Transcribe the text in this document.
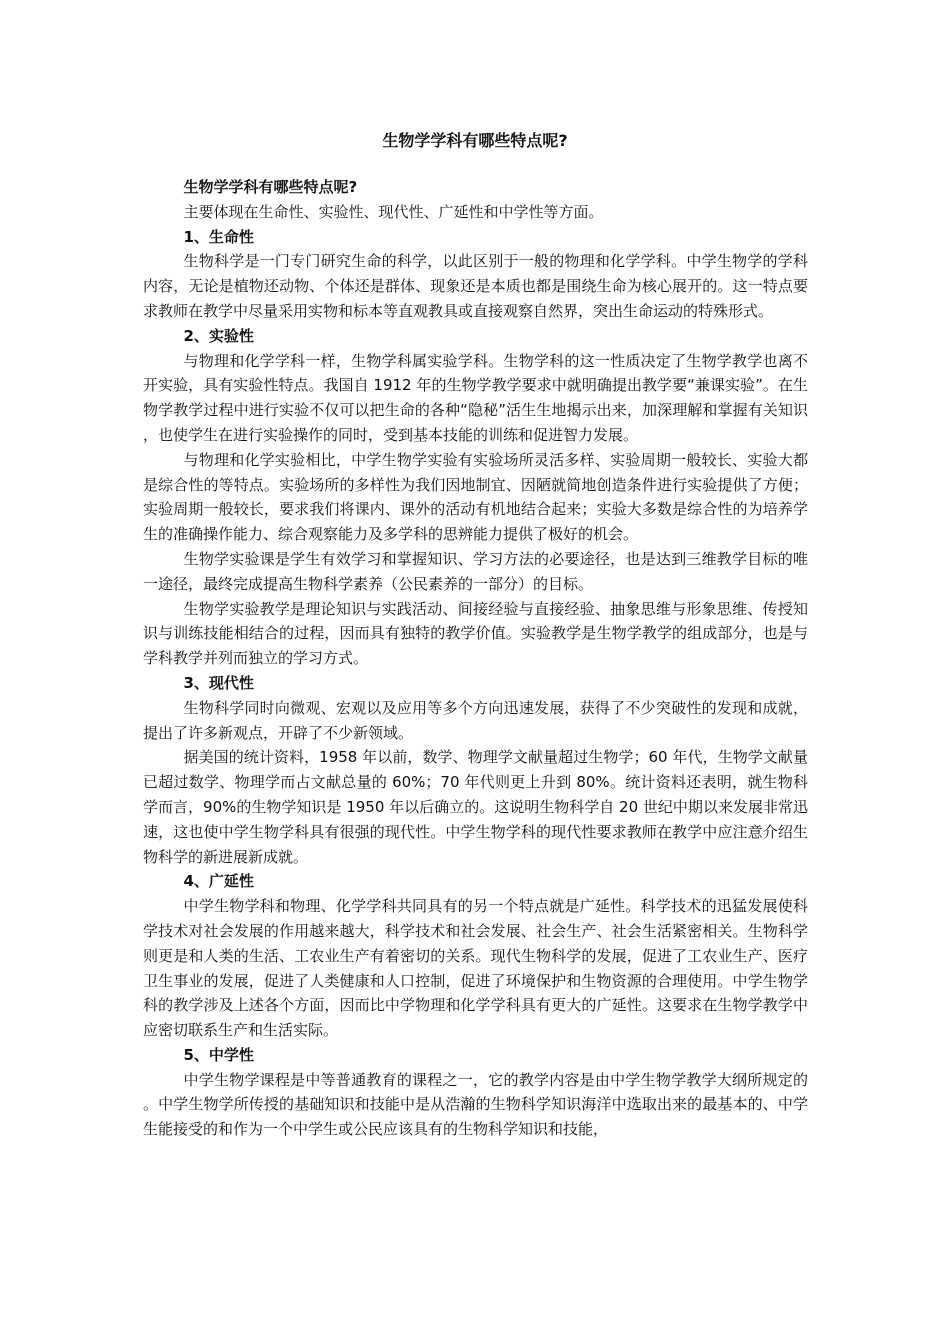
生物学学科有哪些特点呢?

生物学学科有哪些特点呢?

主要体现在生命性、实验性、现代性、广延性和中学性等方面。

1、生命性

生物科学是一门专门研究生命的科学，以此区别于一般的物理和化学学科。中学生物学的学科内容，无论是植物还动物、个体还是群体、现象还是本质也都是围绕生命为核心展开的。这一特点要求教师在教学中尽量采用实物和标本等直观教具或直接观察自然界，突出生命运动的特殊形式。

2、实验性

与物理和化学学科一样，生物学科属实验学科。生物学科的这一性质决定了生物学教学也离不开实验，具有实验性特点。我国自 1912 年的生物学教学要求中就明确提出教学要“兼课实验”。在生物学教学过程中进行实验不仅可以把生命的各种“隐秘”活生生地揭示出来，加深理解和掌握有关知识，也使学生在进行实验操作的同时，受到基本技能的训练和促进智力发展。

与物理和化学实验相比，中学生物学实验有实验场所灵活多样、实验周期一般较长、实验大都是综合性的等特点。实验场所的多样性为我们因地制宜、因陋就简地创造条件进行实验提供了方便；实验周期一般较长，要求我们将课内、课外的活动有机地结合起来；实验大多数是综合性的为培养学生的准确操作能力、综合观察能力及多学科的思辨能力提供了极好的机会。

生物学实验课是学生有效学习和掌握知识、学习方法的必要途径，也是达到三维教学目标的唯一途径，最终完成提高生物科学素养（公民素养的一部分）的目标。

生物学实验教学是理论知识与实践活动、间接经验与直接经验、抽象思维与形象思维、传授知识与训练技能相结合的过程，因而具有独特的教学价值。实验教学是生物学教学的组成部分，也是与学科教学并列而独立的学习方式。

3、现代性

生物科学同时向微观、宏观以及应用等多个方向迅速发展，获得了不少突破性的发现和成就，提出了许多新观点，开辟了不少新领域。

据美国的统计资料，1958 年以前，数学、物理学文献量超过生物学；60 年代，生物学文献量已超过数学、物理学而占文献总量的 60%；70 年代则更上升到 80%。统计资料还表明，就生物科学而言，90%的生物学知识是 1950 年以后确立的。这说明生物科学自 20 世纪中期以来发展非常迅速，这也使中学生物学科具有很强的现代性。中学生物学科的现代性要求教师在教学中应注意介绍生物科学的新进展新成就。

4、广延性

中学生物学科和物理、化学学科共同具有的另一个特点就是广延性。科学技术的迅猛发展使科学技术对社会发展的作用越来越大，科学技术和社会发展、社会生产、社会生活紧密相关。生物科学则更是和人类的生活、工农业生产有着密切的关系。现代生物科学的发展，促进了工农业生产、医疗卫生事业的发展，促进了人类健康和人口控制，促进了环境保护和生物资源的合理使用。中学生物学科的教学涉及上述各个方面，因而比中学物理和化学学科具有更大的广延性。这要求在生物学教学中应密切联系生产和生活实际。

5、中学性

中学生物学课程是中等普通教育的课程之一，它的教学内容是由中学生物学教学大纲所规定的。中学生物学所传授的基础知识和技能中是从浩瀚的生物科学知识海洋中选取出来的最基本的、中学生能接受的和作为一个中学生或公民应该具有的生物科学知识和技能，
